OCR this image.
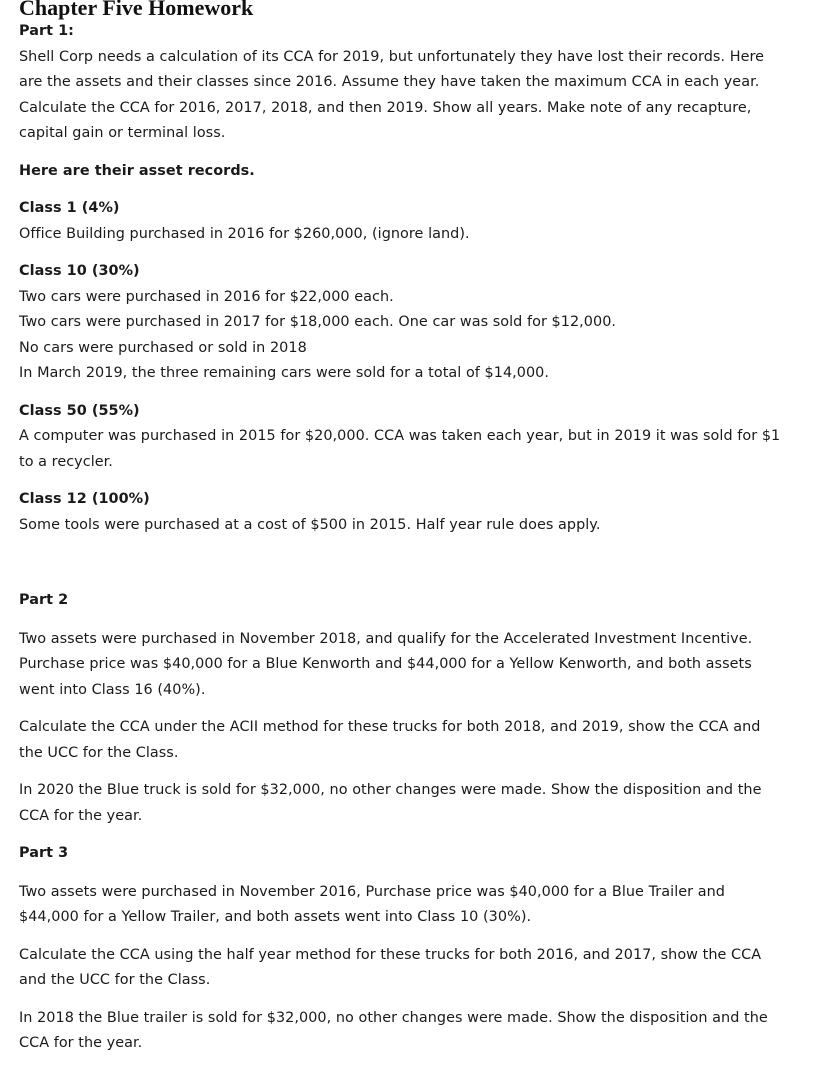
Chapter Five Homework
Part 1:
Shell Corp needs a calculation of its CCA for 2019, but unfortunately they have lost their records. Here
are the assets and their classes since 2016. Assume they have taken the maximum CCA in each year.
Calculate the CCA for 2016, 2017, 2018, and then 2019. Show all years. Make note of any recapture,
capital gain or terminal loss.
Here are their asset records.
Class 1 (4%)
Office Building purchased in 2016 for $260,000, (ignore land).
Class 10 (30%)
Two cars were purchased in 2016 for $22,000 each.
Two cars were purchased in 2017 for $18,000 each. One car was sold for $12,000.
No cars were purchased or sold in 2018
In March 2019, the three remaining cars were sold for a total of $14,000.
Class 50 (55%)
A computer was purchased in 2015 for $20,000. CCA was taken each year, but in 2019 it was sold for $1
to a recycler.
Class 12 (100%)
Some tools were purchased at a cost of $500 in 2015. Half year rule does apply.
Part 2
Two assets were purchased in November 2018, and qualify for the Accelerated Investment Incentive.
Purchase price was $40,000 for a Blue Kenworth and $44,000 for a Yellow Kenworth, and both assets
went into Class 16 (40%).
Calculate the CCA under the ACII method for these trucks for both 2018, and 2019, show the CCA and
the UCC for the Class.
In 2020 the Blue truck is sold for $32,000, no other changes were made. Show the disposition and the
CCA for the year.
Part 3
Two assets were purchased in November 2016, Purchase price was $40,000 for a Blue Trailer and
$44,000 for a Yellow Trailer, and both assets went into Class 10 (30%).
Calculate the CCA using the half year method for these trucks for both 2016, and 2017, show the CCA
and the UCC for the Class.
In 2018 the Blue trailer is sold for $32,000, no other changes were made. Show the disposition and the
CCA for the year.
